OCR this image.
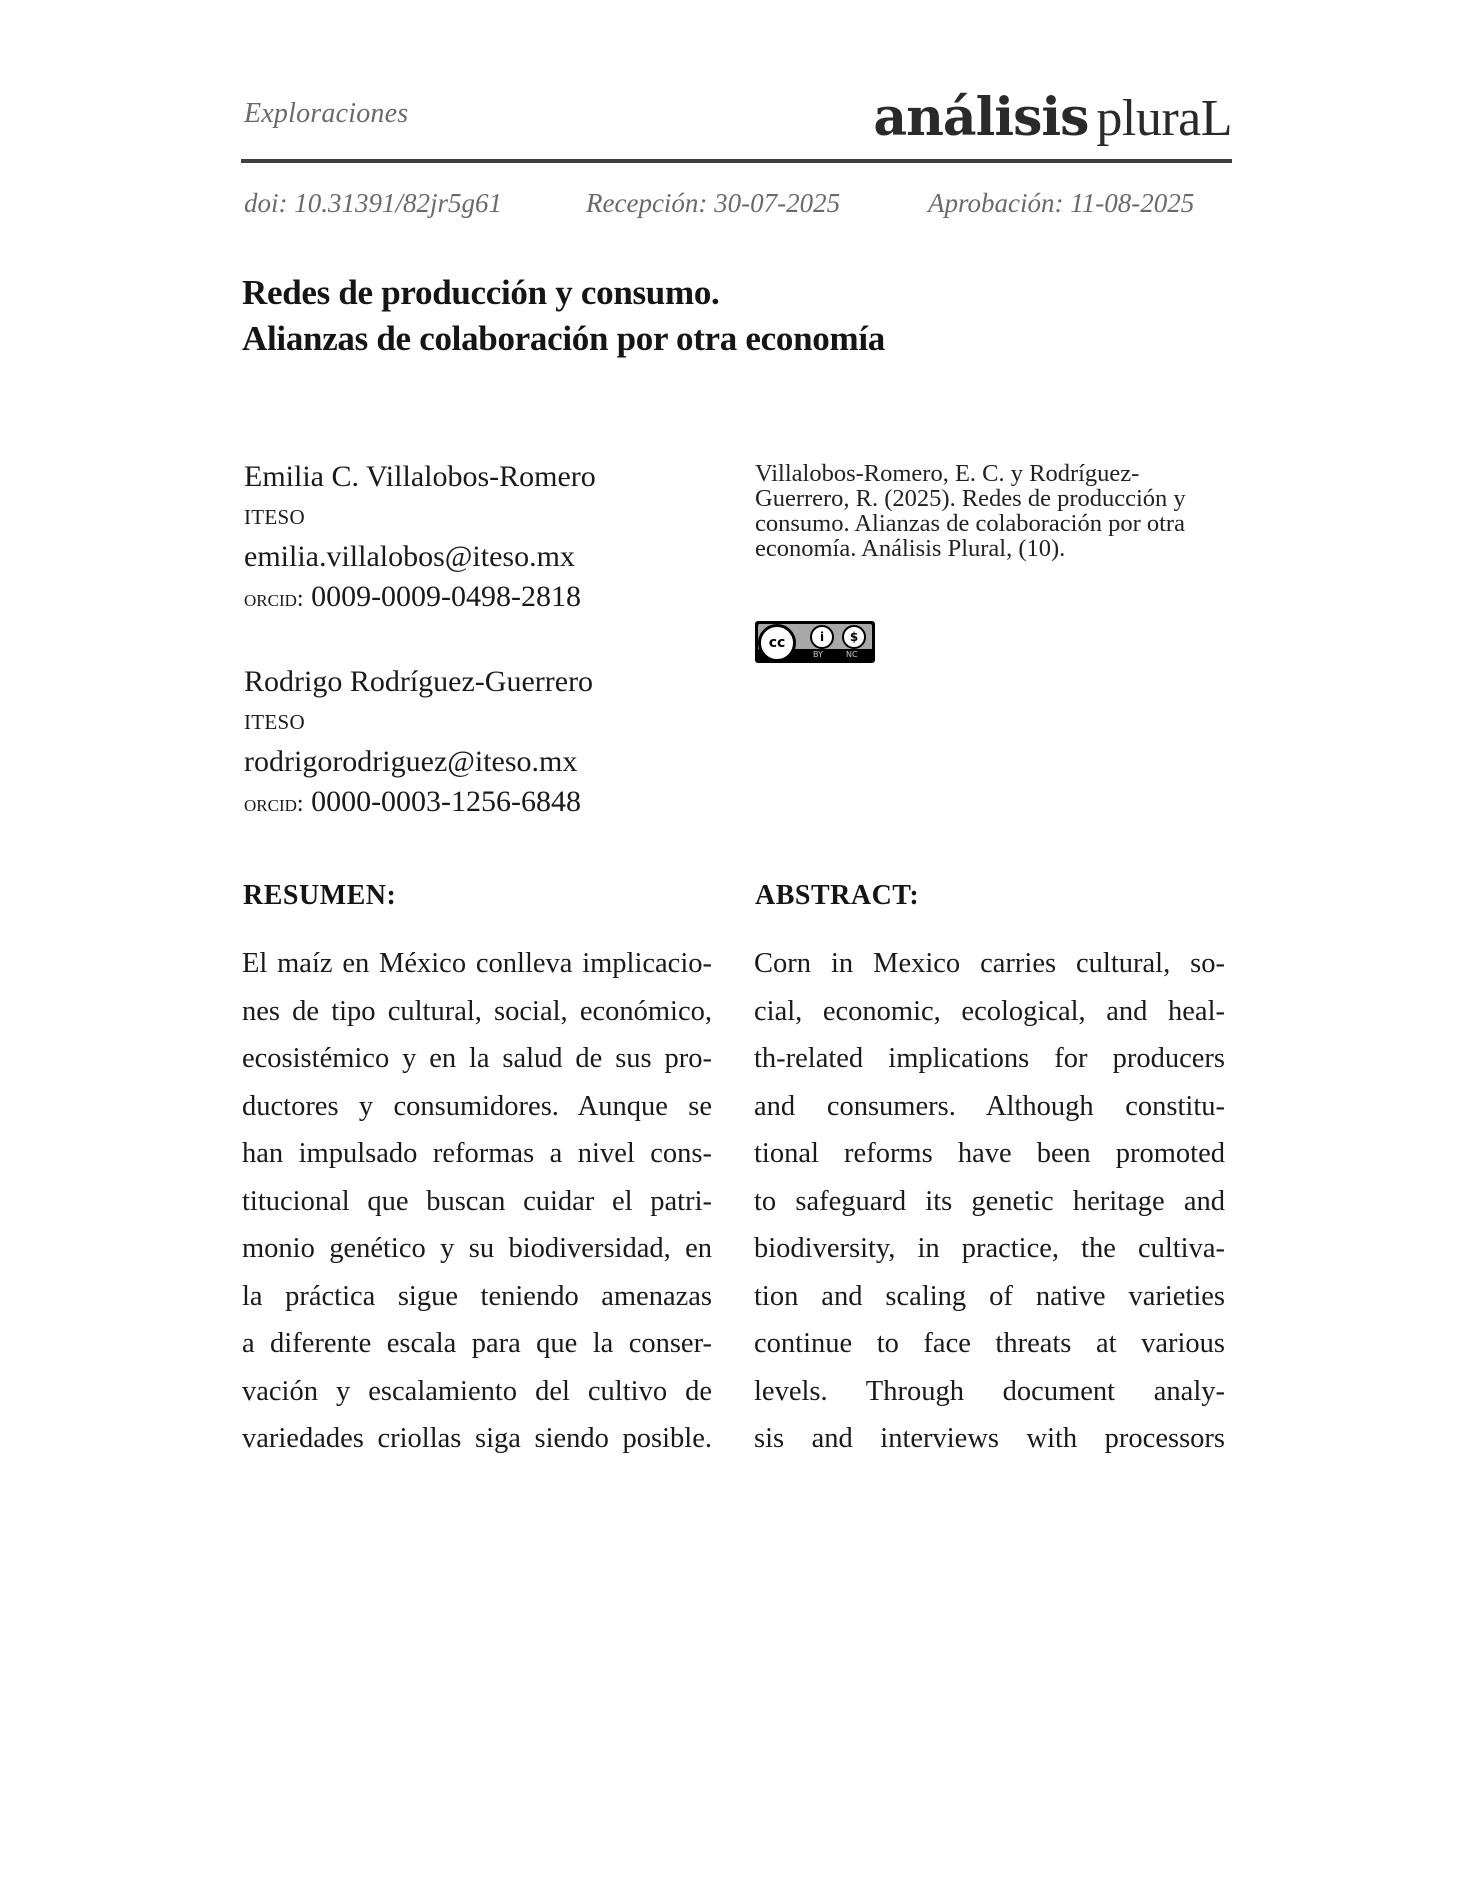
Exploraciones	análisis pluraL
doi: 10.31391/82jr5g61	Recepción: 30-07-2025	Aprobación: 11-08-2025
Redes de producción y consumo.
Alianzas de colaboración por otra economía
Emilia C. Villalobos-Romero
ITESO
emilia.villalobos@iteso.mx
orcid: 0009-0009-0498-2818
Rodrigo Rodríguez-Guerrero
ITESO
rodrigorodriguez@iteso.mx
orcid: 0000-0003-1256-6848
Villalobos-Romero, E. C. y Rodríguez-Guerrero, R. (2025). Redes de producción y consumo. Alianzas de colaboración por otra economía. Análisis Plural, (10).
cc	i	$
BY	NC
RESUMEN:	ABSTRACT:
El maíz en México conlleva implicacio-
nes de tipo cultural, social, económico,
ecosistémico y en la salud de sus pro-
ductores y consumidores. Aunque se
han impulsado reformas a nivel cons-
titucional que buscan cuidar el patri-
monio genético y su biodiversidad, en
la práctica sigue teniendo amenazas
a diferente escala para que la conser-
vación y escalamiento del cultivo de
variedades criollas siga siendo posible.
Corn in Mexico carries cultural, so-
cial, economic, ecological, and heal-
th-related implications for producers
and consumers. Although constitu-
tional reforms have been promoted
to safeguard its genetic heritage and
biodiversity, in practice, the cultiva-
tion and scaling of native varieties
continue to face threats at various
levels. Through document analy-
sis and interviews with processors
